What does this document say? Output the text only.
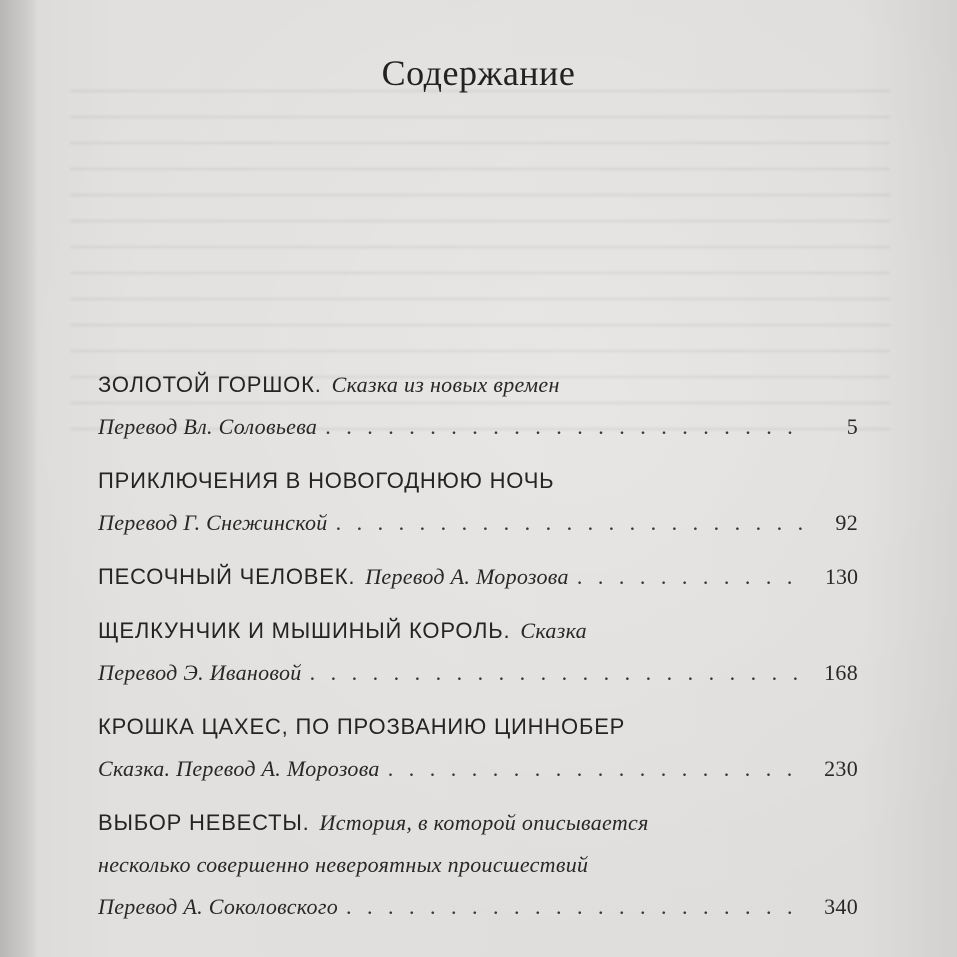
Содержание
ЗОЛОТОЙ ГОРШОК. Сказка из новых времен
Перевод Вл. Соловьева . . .	5
ПРИКЛЮЧЕНИЯ В НОВОГОДНЮЮ НОЧЬ
Перевод Г. Снежинской . . .	92
ПЕСОЧНЫЙ ЧЕЛОВЕК. Перевод А. Морозова . . .	130
ЩЕЛКУНЧИК И МЫШИНЫЙ КОРОЛЬ. Сказка
Перевод Э. Ивановой . . .	168
КРОШКА ЦАХЕС, ПО ПРОЗВАНИЮ ЦИННОБЕР
Сказка. Перевод А. Морозова . . .	230
ВЫБОР НЕВЕСТЫ. История, в которой описывается
несколько совершенно невероятных происшествий
Перевод А. Соколовского . . .	340
